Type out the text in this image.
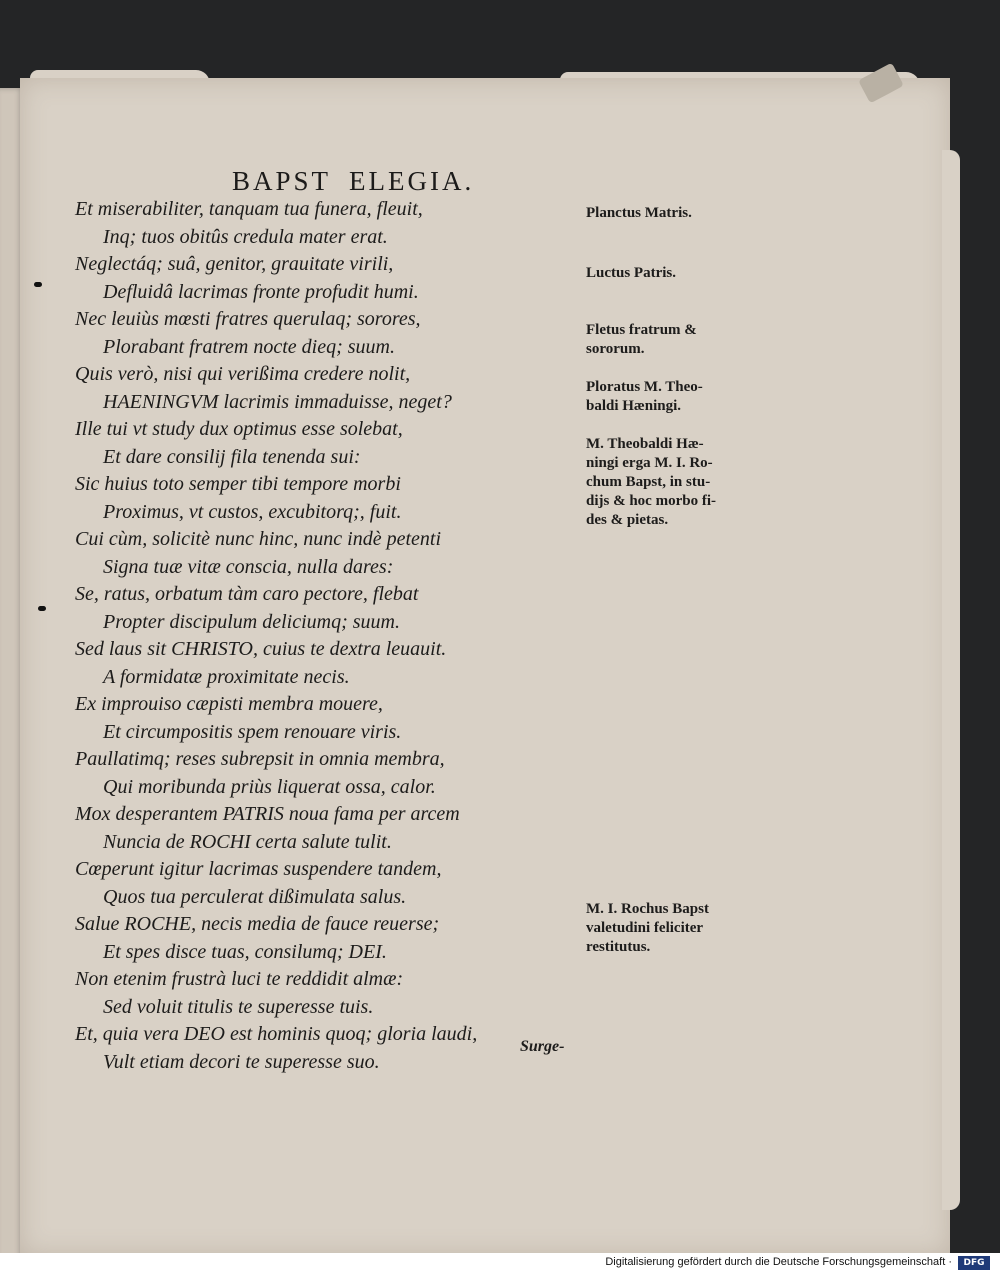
BAPST ELEGIA.
Et miserabiliter, tanquam tua funera, fleuit,
Inq; tuos obitûs credula mater erat.
Neglectáq; suâ, genitor, grauitate virili,
Defluidâ lacrimas fronte profudit humi.
Nec leuiùs mœsti fratres querulaq; sorores,
Plorabant fratrem nocte dieq; suum.
Quis verò, nisi qui verißima credere nolit,
HAENINGVM lacrimis immaduisse, neget?
Ille tui vt study dux optimus esse solebat,
Et dare consilij fila tenenda sui:
Sic huius toto semper tibi tempore morbi
Proximus, vt custos, excubitorq;, fuit.
Cui cùm, solicitè nunc hinc, nunc indè petenti
Signa tuæ vitæ conscia, nulla dares:
Se, ratus, orbatum tàm caro pectore, flebat
Propter discipulum deliciumq; suum.
Sed laus sit CHRISTO, cuius te dextra leuauit.
A formidatæ proximitate necis.
Ex improuiso cæpisti membra mouere,
Et circumpositis spem renouare viris.
Paullatimq; reses subrepsit in omnia membra,
Qui moribunda priùs liquerat ossa, calor.
Mox desperantem PATRIS noua fama per arcem
Nuncia de ROCHI certa salute tulit.
Cœperunt igitur lacrimas suspendere tandem,
Quos tua perculerat dißimulata salus.
Salue ROCHE, necis media de fauce reuerse;
Et spes disce tuas, consilumq; DEI.
Non etenim frustrà luci te reddidit almæ:
Sed voluit titulis te superesse tuis.
Et, quia vera DEO est hominis quoq; gloria laudi,
Vult etiam decori te superesse suo.
Planctus Matris.
Luctus Patris.
Fletus fratrum &
sororum.
Ploratus M. Theo-
baldi Hæningi.
M. Theobaldi Hæ-
ningi erga M. I. Ro-
chum Bapst, in stu-
dijs & hoc morbo fi-
des & pietas.
M. I. Rochus Bapst
valetudini feliciter
restitutus.
Surge-
Digitalisierung gefördert durch die Deutsche Forschungsgemeinschaft ·	DFG
